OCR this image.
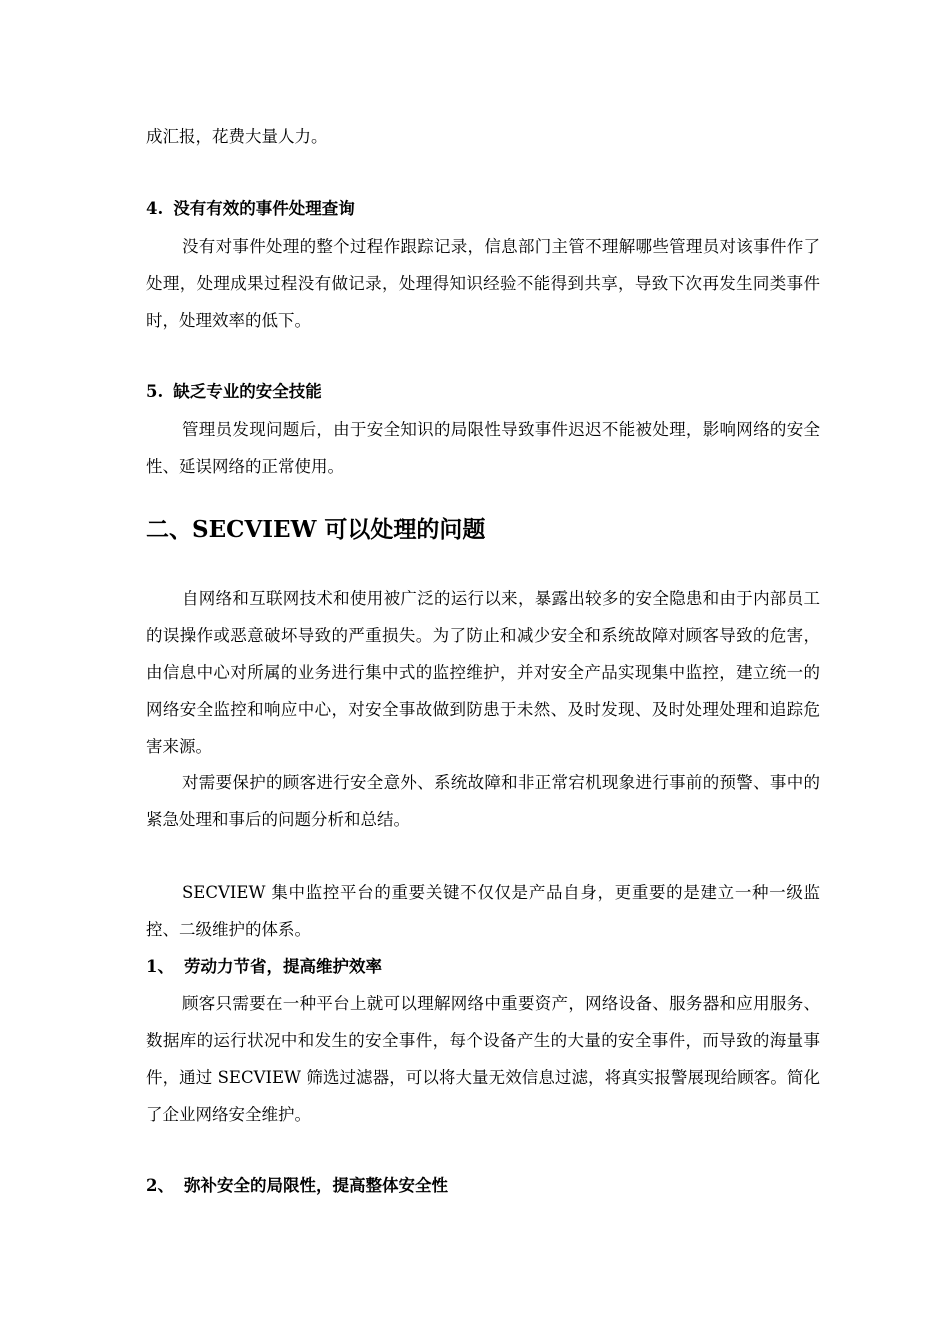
成汇报，花费大量人力。

4. 没有有效的事件处理查询

没有对事件处理的整个过程作跟踪记录，信息部门主管不理解哪些管理员对该事件作了处理，处理成果过程没有做记录，处理得知识经验不能得到共享，导致下次再发生同类事件时，处理效率的低下。

5. 缺乏专业的安全技能

管理员发现问题后，由于安全知识的局限性导致事件迟迟不能被处理，影响网络的安全性、延误网络的正常使用。

二、SECVIEW 可以处理的问题

自网络和互联网技术和使用被广泛的运行以来，暴露出较多的安全隐患和由于内部员工的误操作或恶意破坏导致的严重损失。为了防止和减少安全和系统故障对顾客导致的危害，由信息中心对所属的业务进行集中式的监控维护，并对安全产品实现集中监控，建立统一的网络安全监控和响应中心，对安全事故做到防患于未然、及时发现、及时处理处理和追踪危害来源。

对需要保护的顾客进行安全意外、系统故障和非正常宕机现象进行事前的预警、事中的紧急处理和事后的问题分析和总结。

SECVIEW 集中监控平台的重要关键不仅仅是产品自身，更重要的是建立一种一级监控、二级维护的体系。

1、 劳动力节省，提高维护效率

顾客只需要在一种平台上就可以理解网络中重要资产，网络设备、服务器和应用服务、数据库的运行状况中和发生的安全事件，每个设备产生的大量的安全事件，而导致的海量事件，通过 SECVIEW 筛选过滤器，可以将大量无效信息过滤，将真实报警展现给顾客。简化了企业网络安全维护。

2、 弥补安全的局限性，提高整体安全性
